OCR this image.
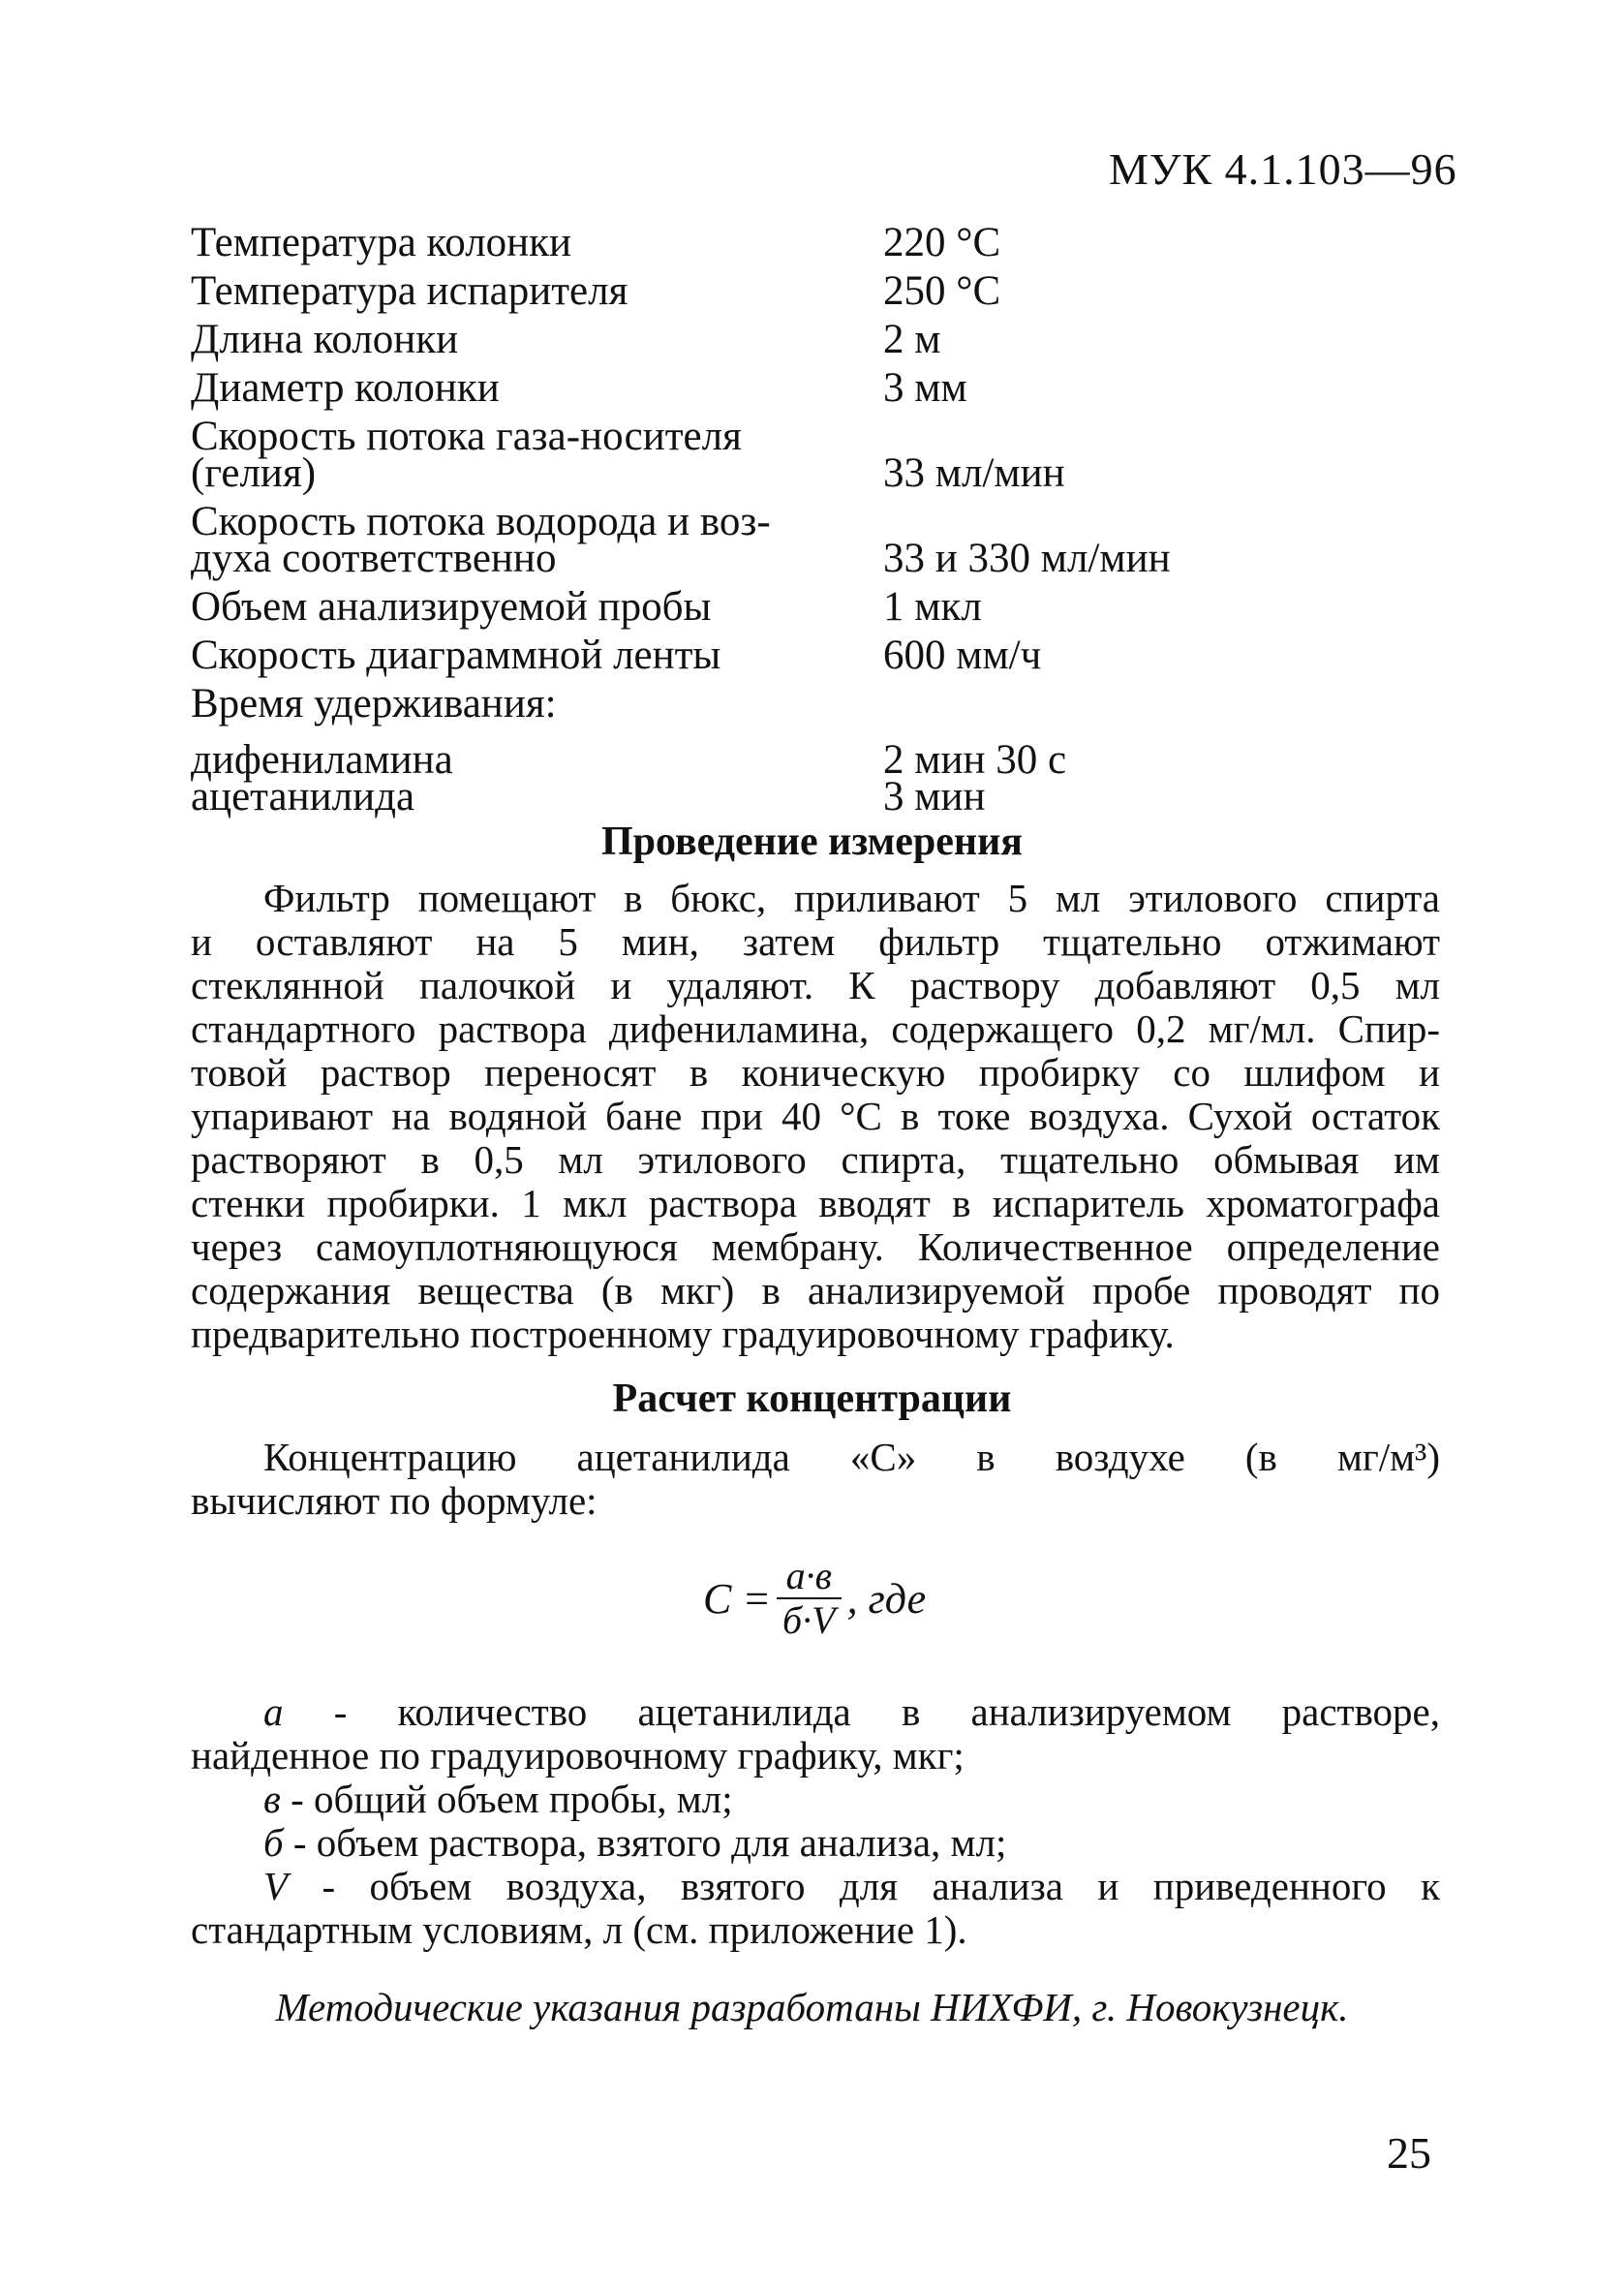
МУК 4.1.103—96
Температура колонки	220 °С
Температура испарителя	250 °С
Длина колонки	2 м
Диаметр колонки	3 мм
Скорость потока газа-носителя
(гелия)	33 мл/мин
Скорость потока водорода и воз-
духа соответственно	33 и 330 мл/мин
Объем анализируемой пробы	1 мкл
Скорость диаграммной ленты	600 мм/ч
Время удерживания:
дифениламина	2 мин 30 с
ацетанилида	3 мин
Проведение измерения
Фильтр помещают в бюкс, приливают 5 мл этилового спирта
и оставляют на 5 мин, затем фильтр тщательно отжимают
стеклянной палочкой и удаляют. К раствору добавляют 0,5 мл
стандартного раствора дифениламина, содержащего 0,2 мг/мл. Спир-
товой раствор переносят в коническую пробирку со шлифом и
упаривают на водяной бане при 40 °С в токе воздуха. Сухой остаток
растворяют в 0,5 мл этилового спирта, тщательно обмывая им
стенки пробирки. 1 мкл раствора вводят в испаритель хроматографа
через самоуплотняющуюся мембрану. Количественное определение
содержания вещества (в мкг) в анализируемой пробе проводят по
предварительно построенному градуировочному графику.
Расчет концентрации
Концентрацию ацетанилида «С» в воздухе (в мг/м³)
вычисляют по формуле:
$С = \frac{а\cdot в}{б\cdot V}$ , где
а - количество ацетанилида в анализируемом растворе,
найденное по градуировочному графику, мкг;
в - общий объем пробы, мл;
б - объем раствора, взятого для анализа, мл;
V - объем воздуха, взятого для анализа и приведенного к
стандартным условиям, л (см. приложение 1).
Методические указания разработаны НИХФИ, г. Новокузнецк.
25
